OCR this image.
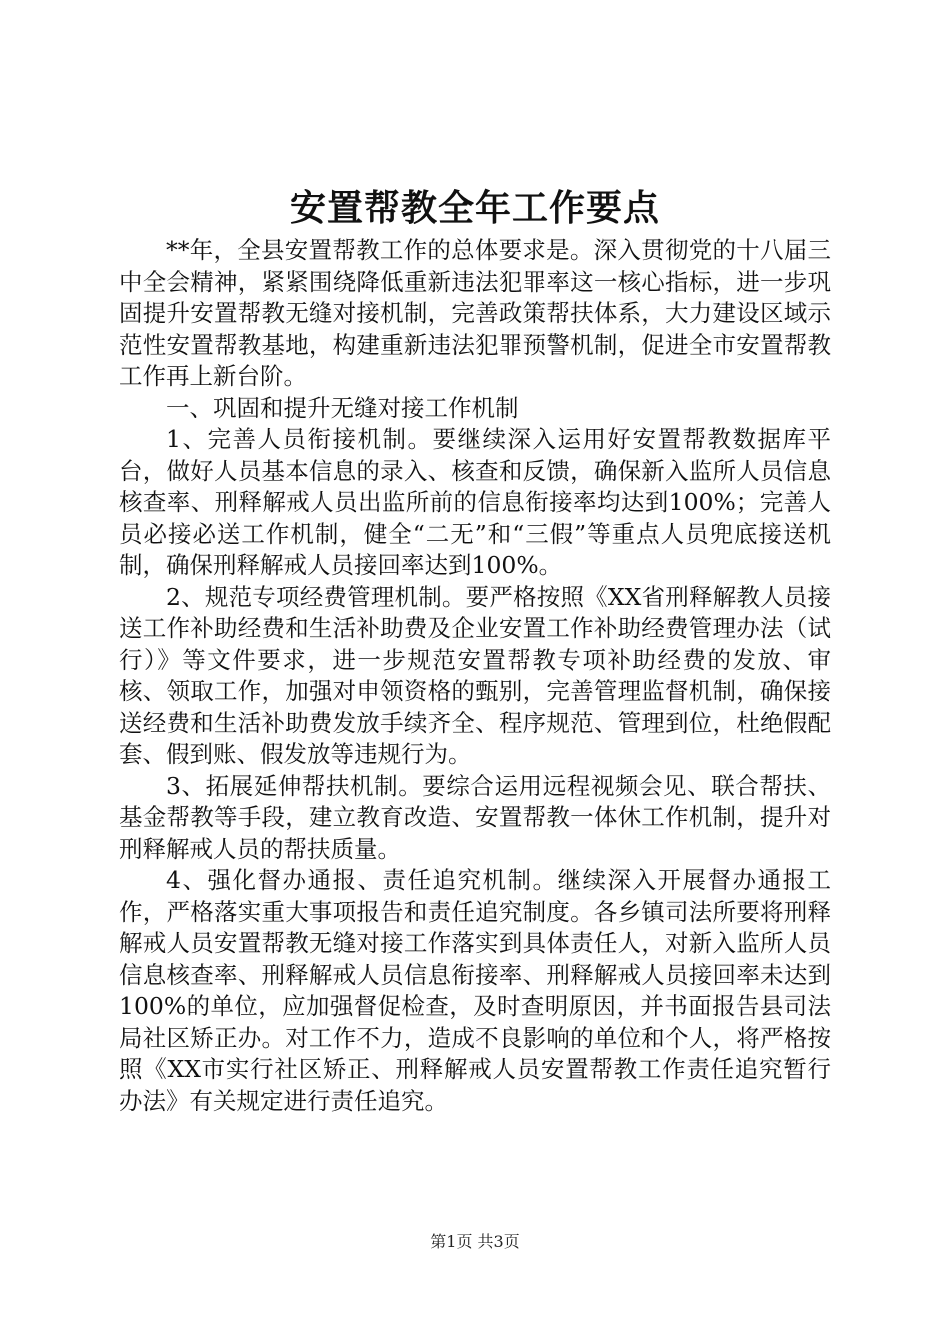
安置帮教全年工作要点

**年，全县安置帮教工作的总体要求是。深入贯彻党的十八届三中全会精神，紧紧围绕降低重新违法犯罪率这一核心指标，进一步巩固提升安置帮教无缝对接机制，完善政策帮扶体系，大力建设区域示范性安置帮教基地，构建重新违法犯罪预警机制，促进全市安置帮教工作再上新台阶。

一、巩固和提升无缝对接工作机制

1、完善人员衔接机制。要继续深入运用好安置帮教数据库平台，做好人员基本信息的录入、核查和反馈，确保新入监所人员信息核查率、刑释解戒人员出监所前的信息衔接率均达到100%；完善人员必接必送工作机制，健全“二无”和“三假”等重点人员兜底接送机制，确保刑释解戒人员接回率达到100%。

2、规范专项经费管理机制。要严格按照《XX省刑释解教人员接送工作补助经费和生活补助费及企业安置工作补助经费管理办法（试行）》等文件要求，进一步规范安置帮教专项补助经费的发放、审核、领取工作，加强对申领资格的甄别，完善管理监督机制，确保接送经费和生活补助费发放手续齐全、程序规范、管理到位，杜绝假配套、假到账、假发放等违规行为。

3、拓展延伸帮扶机制。要综合运用远程视频会见、联合帮扶、基金帮教等手段，建立教育改造、安置帮教一体休工作机制，提升对刑释解戒人员的帮扶质量。

4、强化督办通报、责任追究机制。继续深入开展督办通报工作，严格落实重大事项报告和责任追究制度。各乡镇司法所要将刑释解戒人员安置帮教无缝对接工作落实到具体责任人，对新入监所人员信息核查率、刑释解戒人员信息衔接率、刑释解戒人员接回率未达到100%的单位，应加强督促检查，及时查明原因，并书面报告县司法局社区矫正办。对工作不力，造成不良影响的单位和个人，将严格按照《XX市实行社区矫正、刑释解戒人员安置帮教工作责任追究暂行办法》有关规定进行责任追究。

第1页 共3页
